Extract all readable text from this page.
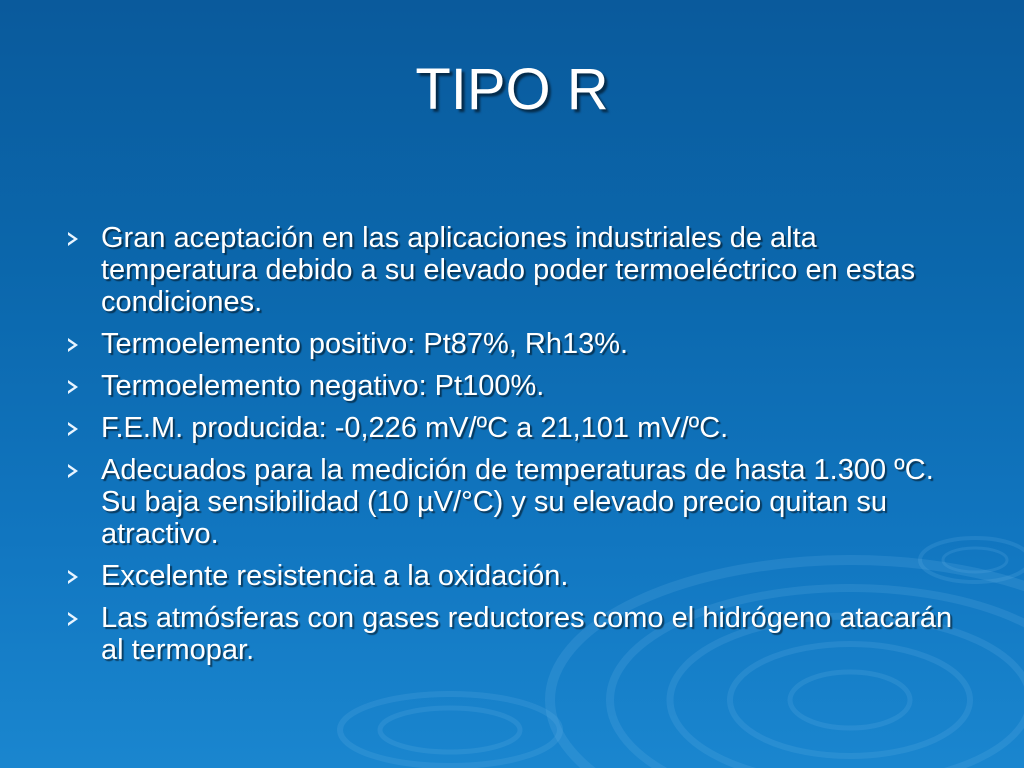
TIPO R
Gran aceptación en las aplicaciones industriales de alta temperatura debido a su elevado poder termoeléctrico en estas condiciones.
Termoelemento positivo: Pt87%, Rh13%.
Termoelemento negativo: Pt100%.
F.E.M. producida: -0,226 mV/ºC a 21,101 mV/ºC.
Adecuados para la medición de temperaturas de hasta 1.300 ºC. Su baja sensibilidad (10 µV/°C) y su elevado precio quitan su atractivo.
Excelente resistencia a la oxidación.
Las atmósferas con gases reductores como el hidrógeno atacarán al termopar.
